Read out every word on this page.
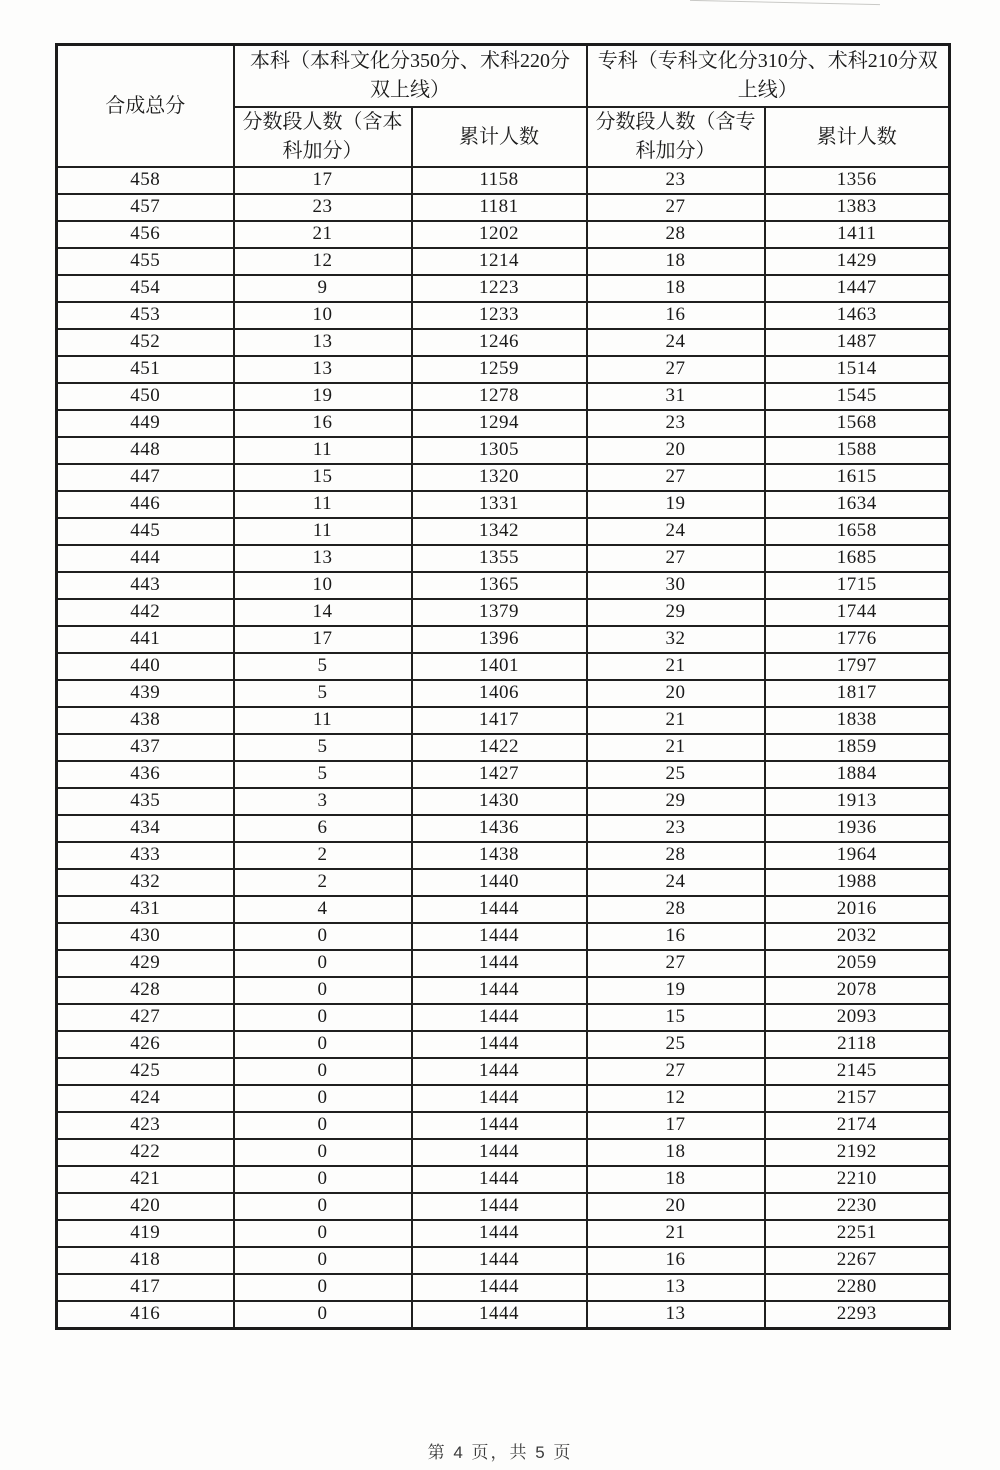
合成总分	本科（本科文化分350分、术科220分双上线）		专科（专科文化分310分、术科210分双上线）	
	分数段人数（含本科加分）	累计人数	分数段人数（含专科加分）	累计人数
458	17	1158	23	1356
457	23	1181	27	1383
456	21	1202	28	1411
455	12	1214	18	1429
454	9	1223	18	1447
453	10	1233	16	1463
452	13	1246	24	1487
451	13	1259	27	1514
450	19	1278	31	1545
449	16	1294	23	1568
448	11	1305	20	1588
447	15	1320	27	1615
446	11	1331	19	1634
445	11	1342	24	1658
444	13	1355	27	1685
443	10	1365	30	1715
442	14	1379	29	1744
441	17	1396	32	1776
440	5	1401	21	1797
439	5	1406	20	1817
438	11	1417	21	1838
437	5	1422	21	1859
436	5	1427	25	1884
435	3	1430	29	1913
434	6	1436	23	1936
433	2	1438	28	1964
432	2	1440	24	1988
431	4	1444	28	2016
430	0	1444	16	2032
429	0	1444	27	2059
428	0	1444	19	2078
427	0	1444	15	2093
426	0	1444	25	2118
425	0	1444	27	2145
424	0	1444	12	2157
423	0	1444	17	2174
422	0	1444	18	2192
421	0	1444	18	2210
420	0	1444	20	2230
419	0	1444	21	2251
418	0	1444	16	2267
417	0	1444	13	2280
416	0	1444	13	2293
第 4 页，共 5 页
